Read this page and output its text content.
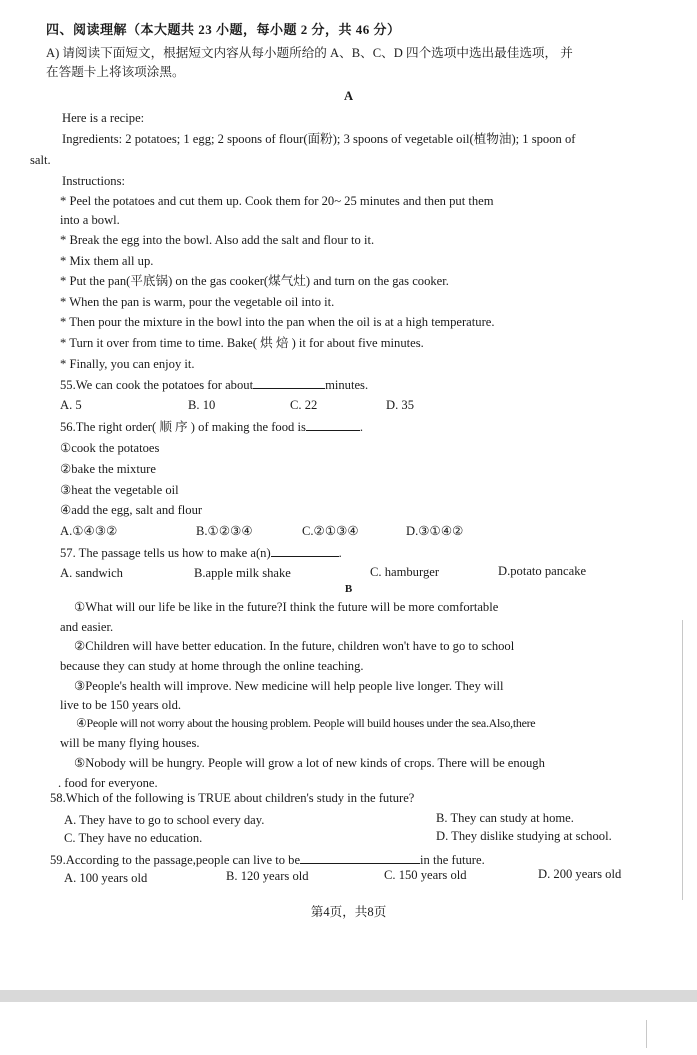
四、阅读理解（本大题共 23 小题，每小题 2 分，共 46 分）
A) 请阅读下面短文，根据短文内容从每小题所给的 A、B、C、D 四个选项中选出最佳选项， 并
在答题卡上将该项涂黑。
A
Here is a recipe:
Ingredients: 2 potatoes; 1 egg; 2 spoons of flour(面粉); 3 spoons of vegetable oil(植物油); 1 spoon of
salt.
Instructions:
* Peel the potatoes and cut them up. Cook them for 20~ 25 minutes and then put them
into a bowl.
* Break the egg into the bowl. Also add the salt and flour to it.
* Mix them all up.
* Put the pan(平底锅) on the gas cooker(煤气灶) and turn on the gas cooker.
* When the pan is warm, pour the vegetable oil into it.
* Then pour the mixture in the bowl into the pan when the oil is at a high temperature.
* Turn it over from time to time. Bake( 烘 焙 ) it for about five minutes.
* Finally, you can enjoy it.
55.We can cook the potatoes for about	minutes.
A. 5	B. 10	C. 22	D. 35
56.The right order( 顺 序 ) of making the food is	.
①cook the potatoes
②bake the mixture
③heat the vegetable oil
④add the egg, salt and flour
A.①④③②	B.①②③④	C.②①③④	D.③①④②
57. The passage tells us how to make a(n)	.
A. sandwich	B.apple milk shake	C. hamburger	D.potato pancake
B
①What will our life be like in the future?I think the future will be more comfortable
and easier.
②Children will have better education. In the future, children won't have to go to school
because they can study at home through the online teaching.
③People's health will improve. New medicine will help people live longer. They will
live to be 150 years old.
④People will not worry about the housing problem. People will build houses under the sea.Also,there
will be many flying houses.
⑤Nobody will be hungry. People will grow a lot of new kinds of crops. There will be enough
. food for everyone.
58.Which of the following is TRUE about children's study in the future?
A. They have to go to school every day.	B. They can study at home.
C. They have no education.	D. They dislike studying at school.
59.According to the passage,people can live to be	in the future.
A. 100 years old	B. 120 years old	C. 150 years old	D. 200 years old
第4页，共8页
